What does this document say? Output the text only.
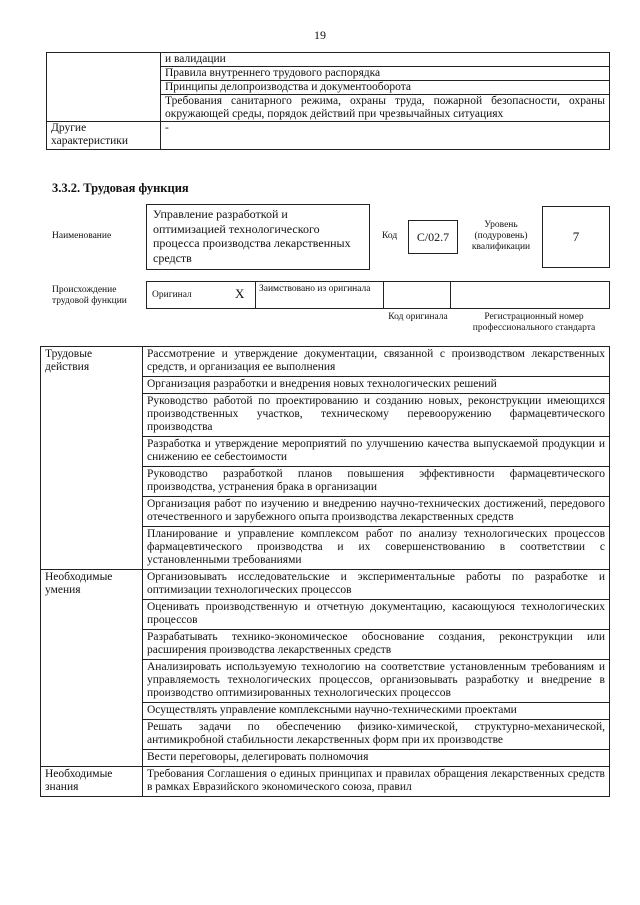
19
	и валидации
	Правила внутреннего трудового распорядка
	Принципы делопроизводства и документооборота
	Требования санитарного режима, охраны труда, пожарной безопасности, охраны окружающей среды, порядок действий при чрезвычайных ситуациях
Другие характеристики	-
3.3.2. Трудовая функция
Наименование
Управление разработкой и оптимизацией технологического процесса производства лекарственных средств
Код	C/02.7
Уровень (подуровень) квалификации
7
Происхождение трудовой функции
Оригинал	X Заимствовано из оригинала
Код оригинала	Регистрационный номер профессионального стандарта
Трудовые действия	Рассмотрение и утверждение документации, связанной с производством лекарственных средств, и организация ее выполнения
	Организация разработки и внедрения новых технологических решений
	Руководство работой по проектированию и созданию новых, реконструкции имеющихся производственных участков, техническому перевооружению фармацевтического производства
	Разработка и утверждение мероприятий по улучшению качества выпускаемой продукции и снижению ее себестоимости
	Руководство разработкой планов повышения эффективности фармацевтического производства, устранения брака в организации
	Организация работ по изучению и внедрению научно-технических достижений, передового отечественного и зарубежного опыта производства лекарственных средств
	Планирование и управление комплексом работ по анализу технологических процессов фармацевтического производства и их совершенствованию в соответствии с установленными требованиями
Необходимые умения	Организовывать исследовательские и экспериментальные работы по разработке и оптимизации технологических процессов
	Оценивать производственную и отчетную документацию, касающуюся технологических процессов
	Разрабатывать технико-экономическое обоснование создания, реконструкции или расширения производства лекарственных средств
	Анализировать используемую технологию на соответствие установленным требованиям и управляемость технологических процессов, организовывать разработку и внедрение в производство оптимизированных технологических процессов
	Осуществлять управление комплексными научно-техническими проектами
	Решать задачи по обеспечению физико-химической, структурно-механической, антимикробной стабильности лекарственных форм при их производстве
	Вести переговоры, делегировать полномочия
Необходимые знания	Требования Соглашения о единых принципах и правилах обращения лекарственных средств в рамках Евразийского экономического союза, правил
